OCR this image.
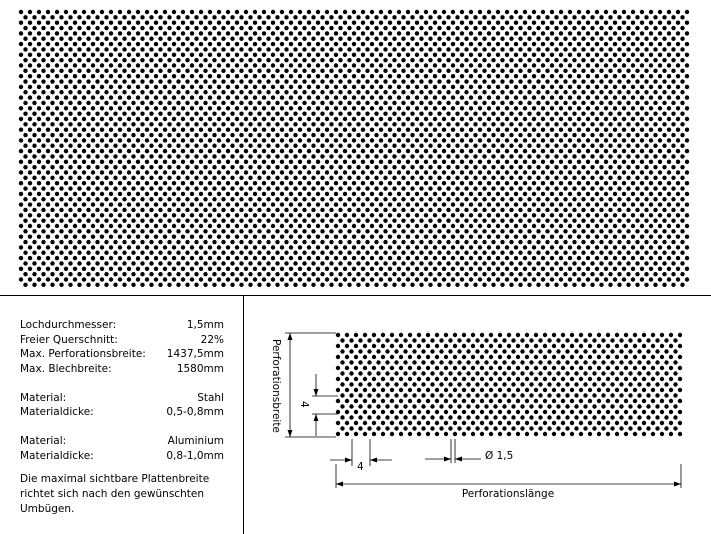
Lochdurchmesser:	1,5mm
Freier Querschnitt:	22%
Max. Perforationsbreite: 1437,5mm
Max. Blechbreite:	1580mm
Material:	Stahl
Materialdicke:	0,5-0,8mm
Material:	Aluminium
Materialdicke:	0,8-1,0mm
Die maximal sichtbare Plattenbreite
richtet sich nach den gewünschten
Umbügen.
Perforationsbreite 4
4
Ø 1,5
Perforationslänge
